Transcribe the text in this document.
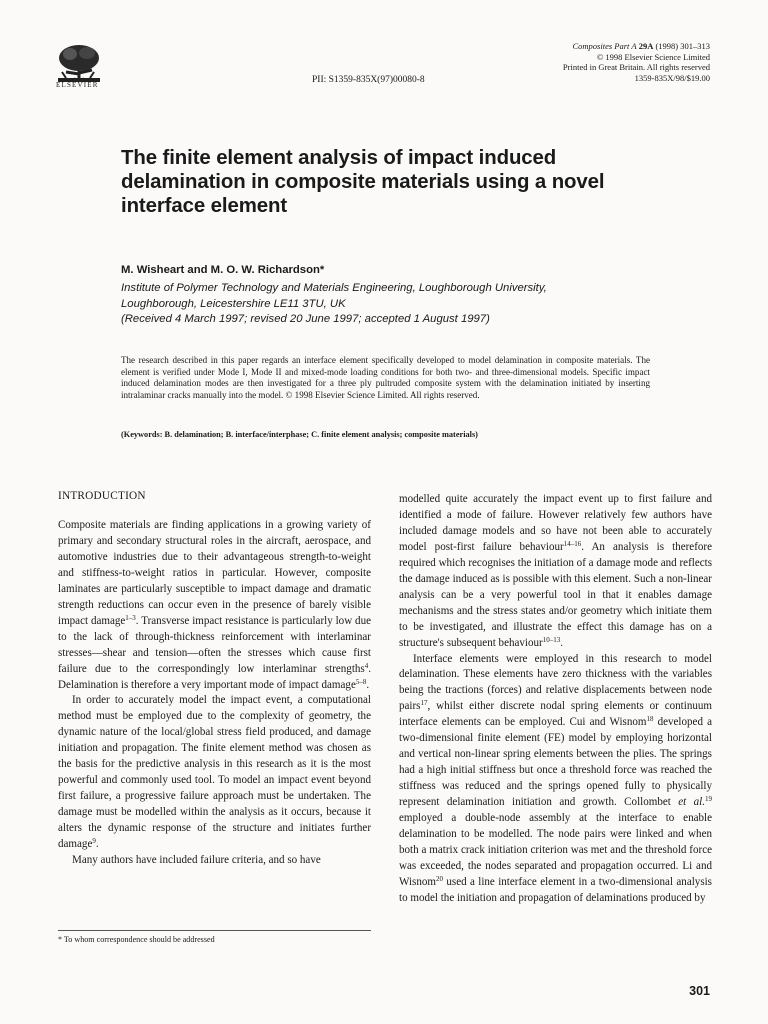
ELSEVIER	PII: S1359-835X(97)00080-8
Composites Part A 29A (1998) 301–313
© 1998 Elsevier Science Limited
Printed in Great Britain. All rights reserved
1359-835X/98/$19.00
The finite element analysis of impact induced delamination in composite materials using a novel interface element
M. Wisheart and M. O. W. Richardson*
Institute of Polymer Technology and Materials Engineering, Loughborough University,
Loughborough, Leicestershire LE11 3TU, UK
(Received 4 March 1997; revised 20 June 1997; accepted 1 August 1997)

The research described in this paper regards an interface element specifically developed to model delamination in composite materials. The element is verified under Mode I, Mode II and mixed-mode loading conditions for both two- and three-dimensional models. Specific impact induced delamination modes are then investigated for a three ply pultruded composite system with the delamination initiated by inserting intralaminar cracks manually into the model. © 1998 Elsevier Science Limited. All rights reserved.

(Keywords: B. delamination; B. interface/interphase; C. finite element analysis; composite materials)
INTRODUCTION

Composite materials are finding applications in a growing variety of primary and secondary structural roles in the aircraft, aerospace, and automotive industries due to their advantageous strength-to-weight and stiffness-to-weight ratios in particular. However, composite laminates are particularly susceptible to impact damage and dramatic strength reductions can occur even in the presence of barely visible impact damage$^{1-3}$. Transverse impact resistance is particularly low due to the lack of through-thickness reinforcement with interlaminar stresses—shear and tension—often the stresses which cause first failure due to the correspondingly low interlaminar strengths$^4$. Delamination is therefore a very important mode of impact damage$^{5-8}$.

In order to accurately model the impact event, a computational method must be employed due to the complexity of geometry, the dynamic nature of the local/global stress field produced, and damage initiation and propagation. The finite element method was chosen as the basis for the predictive analysis in this research as it is the most powerful and commonly used tool. To model an impact event beyond first failure, a progressive failure approach must be undertaken. The damage must be modelled within the analysis as it occurs, because it alters the dynamic response of the structure and initiates further damage$^9$.

Many authors have included failure criteria, and so have

modelled quite accurately the impact event up to first failure and identified a mode of failure. However relatively few authors have included damage models and so have not been able to accurately model post-first failure behaviour$^{14-16}$. An analysis is therefore required which recognises the initiation of a damage mode and reflects the damage induced as is possible with this element. Such a non-linear analysis can be a very powerful tool in that it enables damage mechanisms and the stress states and/or geometry which initiate them to be investigated, and illustrate the effect this damage has on a structure's subsequent behaviour$^{10-13}$.

Interface elements were employed in this research to model delamination. These elements have zero thickness with the variables being the tractions (forces) and relative displacements between node pairs$^{17}$, whilst either discrete nodal spring elements or continuum interface elements can be employed. Cui and Wisnom$^{18}$ developed a two-dimensional finite element (FE) model by employing horizontal and vertical non-linear spring elements between the plies. The springs had a high initial stiffness but once a threshold force was reached the stiffness was reduced and the springs opened fully to physically represent delamination initiation and growth. Collombet et al.$^{19}$ employed a double-node assembly at the interface to enable delamination to be modelled. The node pairs were linked and when both a matrix crack initiation criterion was met and the threshold force was exceeded, the nodes separated and propagation occurred. Li and Wisnom$^{20}$ used a line interface element in a two-dimensional analysis to model the initiation and propagation of delaminations produced by

* To whom correspondence should be addressed
301
